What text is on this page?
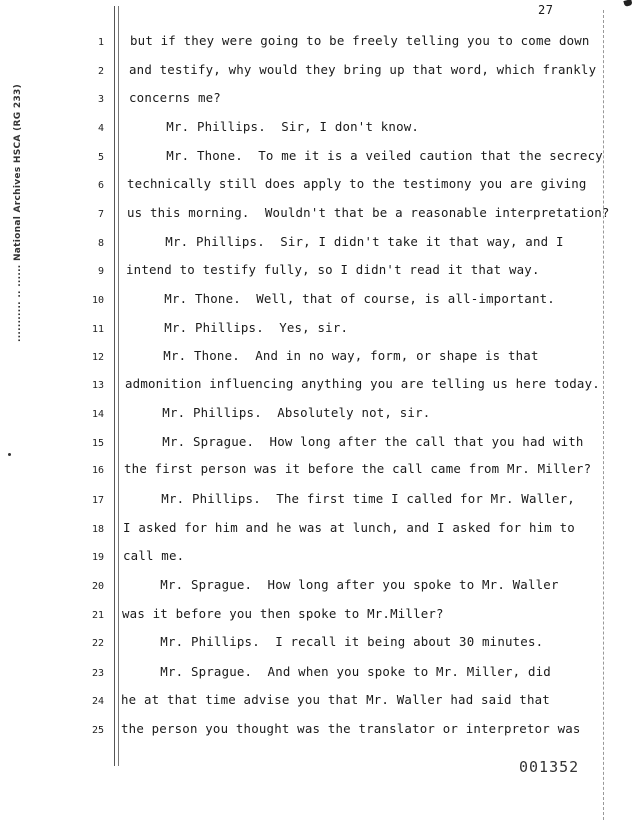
27
........... .. ...... National Archives HSCA (RG 233)
1 but if they were going to be freely telling you to come down
2 and testify, why would they bring up that word, which frankly
3 concerns me?
4 Mr. Phillips.  Sir, I don't know.
5 Mr. Thone.  To me it is a veiled caution that the secrecy
6 technically still does apply to the testimony you are giving
7 us this morning.  Wouldn't that be a reasonable interpretation?
8 Mr. Phillips.  Sir, I didn't take it that way, and I
9 intend to testify fully, so I didn't read it that way.
10 Mr. Thone.  Well, that of course, is all-important.
11 Mr. Phillips.  Yes, sir.
12 Mr. Thone.  And in no way, form, or shape is that
13 admonition influencing anything you are telling us here today.
14 Mr. Phillips.  Absolutely not, sir.
15 Mr. Sprague.  How long after the call that you had with
16 the first person was it before the call came from Mr. Miller?
17 Mr. Phillips.  The first time I called for Mr. Waller,
18 I asked for him and he was at lunch, and I asked for him to
19 call me.
20 Mr. Sprague.  How long after you spoke to Mr. Waller
21 was it before you then spoke to Mr.Miller?
22 Mr. Phillips.  I recall it being about 30 minutes.
23 Mr. Sprague.  And when you spoke to Mr. Miller, did
24 he at that time advise you that Mr. Waller had said that
25 the person you thought was the translator or interpretor was
001352
